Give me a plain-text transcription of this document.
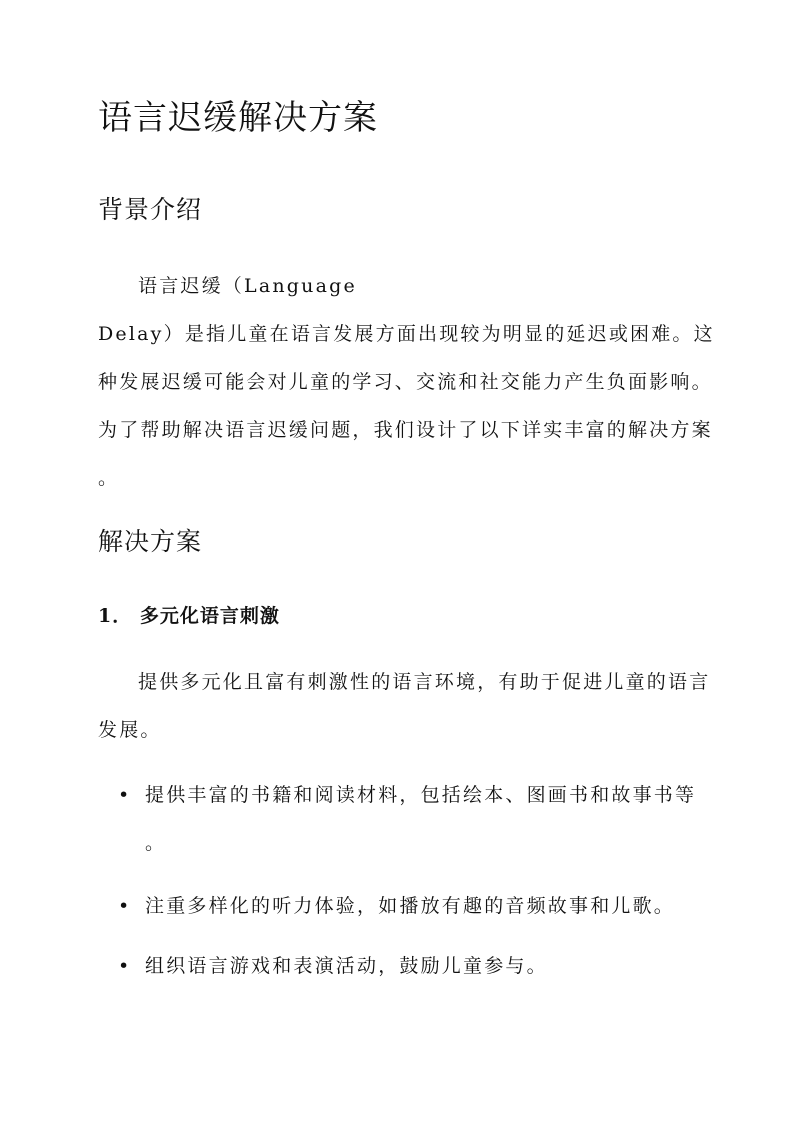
语言迟缓解决方案
背景介绍
语言迟缓（Language
Delay）是指儿童在语言发展方面出现较为明显的延迟或困难。这
种发展迟缓可能会对儿童的学习、交流和社交能力产生负面影响。
为了帮助解决语言迟缓问题，我们设计了以下详实丰富的解决方案
。
解决方案
1． 多元化语言刺激
提供多元化且富有刺激性的语言环境，有助于促进儿童的语言
发展。
• 提供丰富的书籍和阅读材料，包括绘本、图画书和故事书等
。
• 注重多样化的听力体验，如播放有趣的音频故事和儿歌。
• 组织语言游戏和表演活动，鼓励儿童参与。
